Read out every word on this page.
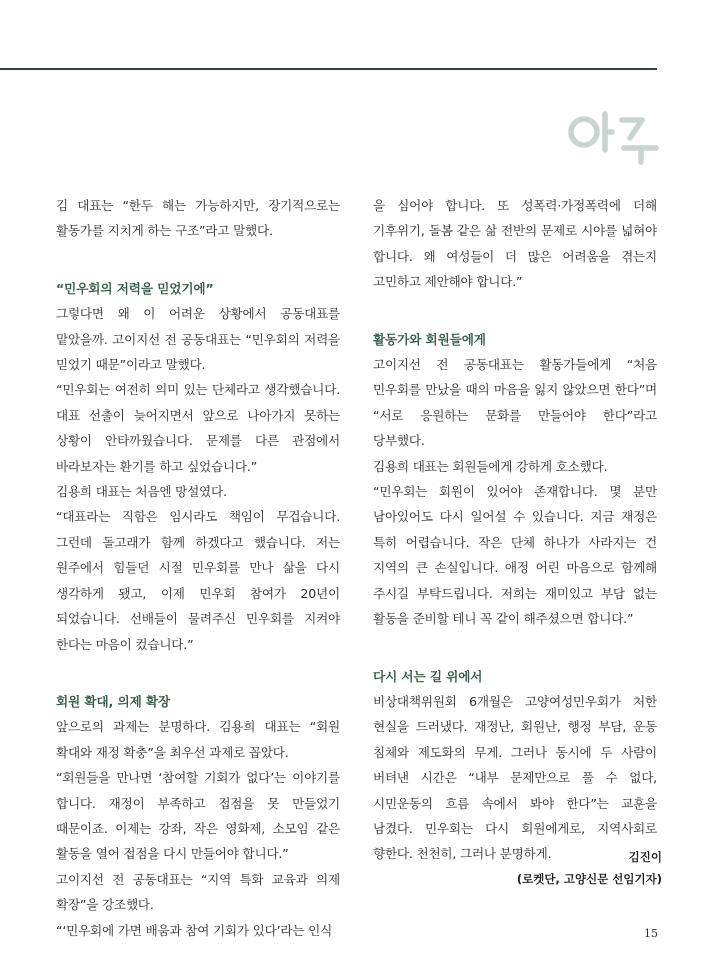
김 대표는 “한두 해는 가능하지만, 장기적으로는 활동가를 지치게 하는 구조”라고 말했다.

“민우회의 저력을 믿었기에”

그렇다면 왜 이 어려운 상황에서 공동대표를 맡았을까. 고이지선 전 공동대표는 “민우회의 저력을 믿었기 때문”이라고 말했다.

“민우회는 여전히 의미 있는 단체라고 생각했습니다. 대표 선출이 늦어지면서 앞으로 나아가지 못하는 상황이 안타까웠습니다. 문제를 다른 관점에서 바라보자는 환기를 하고 싶었습니다.”

김용희 대표는 처음엔 망설였다.

“대표라는 직함은 임시라도 책임이 무겁습니다. 그런데 돌고래가 함께 하겠다고 했습니다. 저는 원주에서 힘들던 시절 민우회를 만나 삶을 다시 생각하게 됐고, 이제 민우회 참여가 20년이 되었습니다. 선배들이 물려주신 민우회를 지켜야 한다는 마음이 컸습니다.”

회원 확대, 의제 확장

앞으로의 과제는 분명하다. 김용희 대표는 “회원 확대와 재정 확충”을 최우선 과제로 꼽았다.

“회원들을 만나면 ‘참여할 기회가 없다’는 이야기를 합니다. 재정이 부족하고 접점을 못 만들었기 때문이죠. 이제는 강좌, 작은 영화제, 소모임 같은 활동을 열어 접점을 다시 만들어야 합니다.”

고이지선 전 공동대표는 “지역 특화 교육과 의제 확장”을 강조했다.

“‘민우회에 가면 배움과 참여 기회가 있다’라는 인식

을 심어야 합니다. 또 성폭력·가정폭력에 더해 기후위기, 돌봄 같은 삶 전반의 문제로 시야를 넓혀야 합니다. 왜 여성들이 더 많은 어려움을 겪는지 고민하고 제안해야 합니다.”

활동가와 회원들에게

고이지선 전 공동대표는 활동가들에게 “처음 민우회를 만났을 때의 마음을 잃지 않았으면 한다”며 “서로 응원하는 문화를 만들어야 한다”라고 당부했다.

김용희 대표는 회원들에게 강하게 호소했다.

“민우회는 회원이 있어야 존재합니다. 몇 분만 남아있어도 다시 일어설 수 있습니다. 지금 재정은 특히 어렵습니다. 작은 단체 하나가 사라지는 건 지역의 큰 손실입니다. 애정 어린 마음으로 함께해 주시길 부탁드립니다. 저희는 재미있고 부담 없는 활동을 준비할 테니 꼭 같이 해주셨으면 합니다.”

다시 서는 길 위에서

비상대책위원회 6개월은 고양여성민우회가 처한 현실을 드러냈다. 재정난, 회원난, 행정 부담, 운동 침체와 제도화의 무게. 그러나 동시에 두 사람이 버텨낸 시간은 “내부 문제만으로 풀 수 없다, 시민운동의 흐름 속에서 봐야 한다”는 교훈을 남겼다. 민우회는 다시 회원에게로, 지역사회로 향한다. 천천히, 그러나 분명하게.	김진이
(로켓단, 고양신문 선임기자)
15
